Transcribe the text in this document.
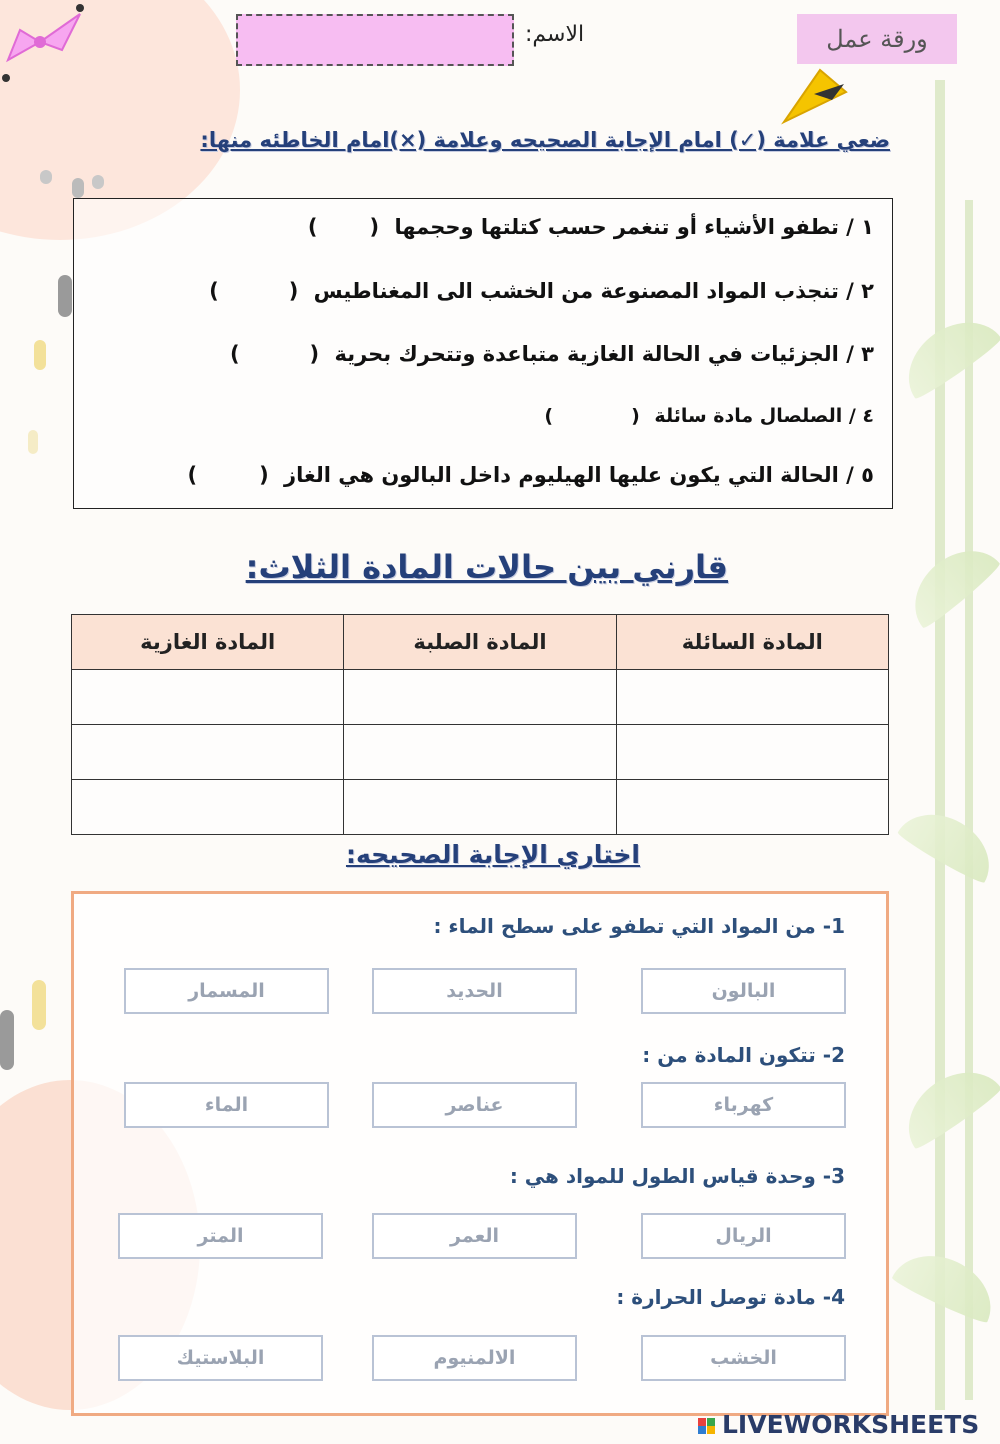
ورقة عمل
الاسم:
ضعي علامة (✓) امام الإجابة الصحيحه وعلامة (×)امام الخاطئه منها:
١ / تطفو الأشياء أو تنغمر حسب كتلتها وحجمها ()
٢ / تنجذب المواد المصنوعة من الخشب الى المغناطيس ()
٣ / الجزئيات في الحالة الغازية متباعدة وتتحرك بحرية ()
٤ / الصلصال مادة سائلة ()
٥ / الحالة التي يكون عليها الهيليوم داخل البالون هي الغاز ()
قارني بين حالات المادة الثلاث:
المادة السائلة	المادة الصلبة	المادة الغازية

اختاري الإجابة الصحيحه:
1- من المواد التي تطفو على سطح الماء :
البالون
الحديد
المسمار
2- تتكون المادة من :
كهرباء
عناصر
الماء
3- وحدة قياس الطول للمواد هي :
الريال
العمر
المتر
4- مادة توصل الحرارة :
الخشب
الالمنيوم
البلاستيك

LIVEWORKSHEETS
